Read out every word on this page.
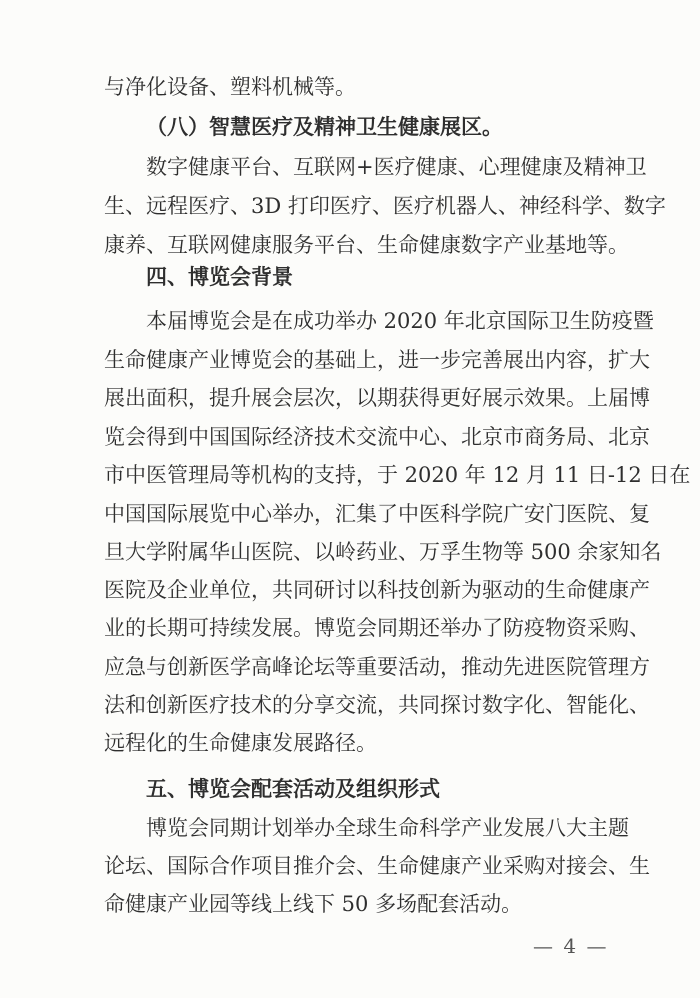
与净化设备、塑料机械等。
（八）智慧医疗及精神卫生健康展区。
数字健康平台、互联网+医疗健康、心理健康及精神卫
生、远程医疗、3D 打印医疗、医疗机器人、神经科学、数字
康养、互联网健康服务平台、生命健康数字产业基地等。
四、博览会背景
本届博览会是在成功举办 2020 年北京国际卫生防疫暨
生命健康产业博览会的基础上，进一步完善展出内容，扩大
展出面积，提升展会层次，以期获得更好展示效果。上届博
览会得到中国国际经济技术交流中心、北京市商务局、北京
市中医管理局等机构的支持，于 2020 年 12 月 11 日-12 日在
中国国际展览中心举办，汇集了中医科学院广安门医院、复
旦大学附属华山医院、以岭药业、万孚生物等 500 余家知名
医院及企业单位，共同研讨以科技创新为驱动的生命健康产
业的长期可持续发展。博览会同期还举办了防疫物资采购、
应急与创新医学高峰论坛等重要活动，推动先进医院管理方
法和创新医疗技术的分享交流，共同探讨数字化、智能化、
远程化的生命健康发展路径。
五、博览会配套活动及组织形式
博览会同期计划举办全球生命科学产业发展八大主题
论坛、国际合作项目推介会、生命健康产业采购对接会、生
命健康产业园等线上线下 50 多场配套活动。
— 4 —
